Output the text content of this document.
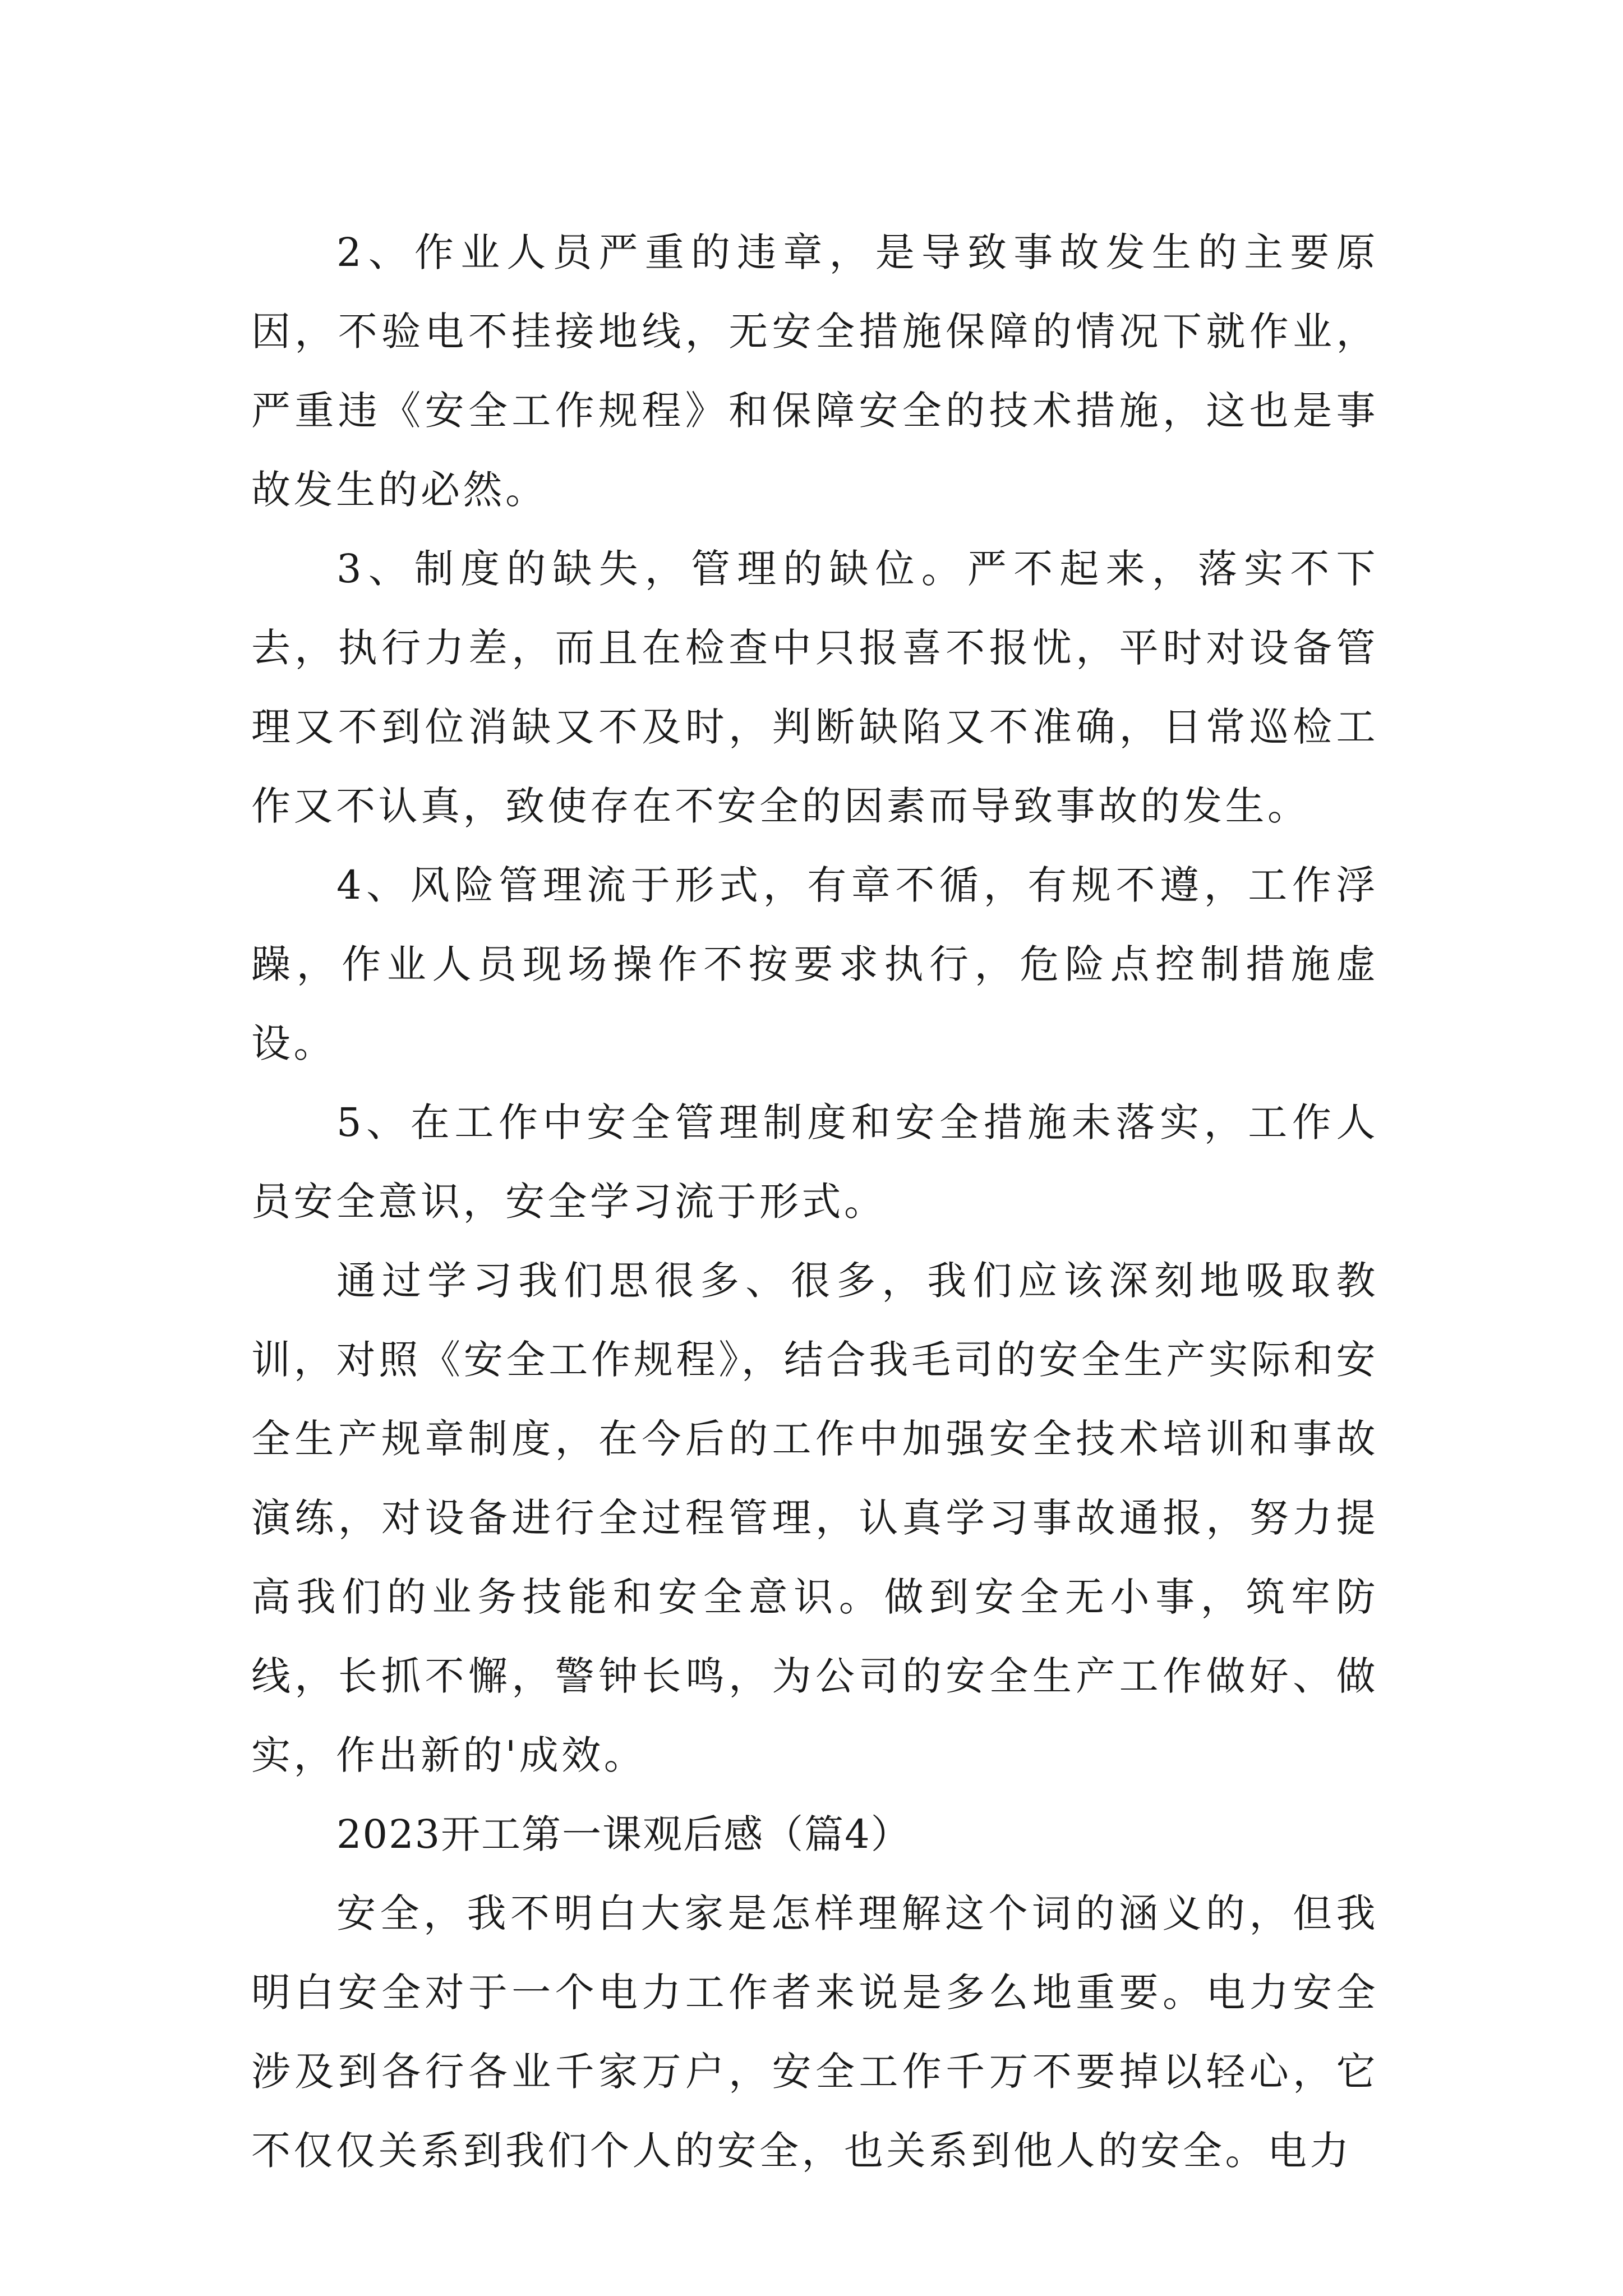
2、作业人员严重的违章，是导致事故发生的主要原因，不验电不挂接地线，无安全措施保障的情况下就作业，严重违《安全工作规程》和保障安全的技术措施，这也是事故发生的必然。

3、制度的缺失，管理的缺位。严不起来，落实不下去，执行力差，而且在检查中只报喜不报忧，平时对设备管理又不到位消缺又不及时，判断缺陷又不准确，日常巡检工作又不认真，致使存在不安全的因素而导致事故的发生。

4、风险管理流于形式，有章不循，有规不遵，工作浮躁，作业人员现场操作不按要求执行，危险点控制措施虚设。

5、在工作中安全管理制度和安全措施未落实，工作人员安全意识，安全学习流于形式。

通过学习我们思很多、很多，我们应该深刻地吸取教训，对照《安全工作规程》，结合我毛司的安全生产实际和安全生产规章制度，在今后的工作中加强安全技术培训和事故演练，对设备进行全过程管理，认真学习事故通报，努力提高我们的业务技能和安全意识。做到安全无小事，筑牢防线，长抓不懈，警钟长鸣，为公司的安全生产工作做好、做实，作出新的'成效。

2023开工第一课观后感（篇4）

安全，我不明白大家是怎样理解这个词的涵义的，但我明白安全对于一个电力工作者来说是多么地重要。电力安全涉及到各行各业千家万户，安全工作千万不要掉以轻心，它不仅仅关系到我们个人的安全，也关系到他人的安全。电力
